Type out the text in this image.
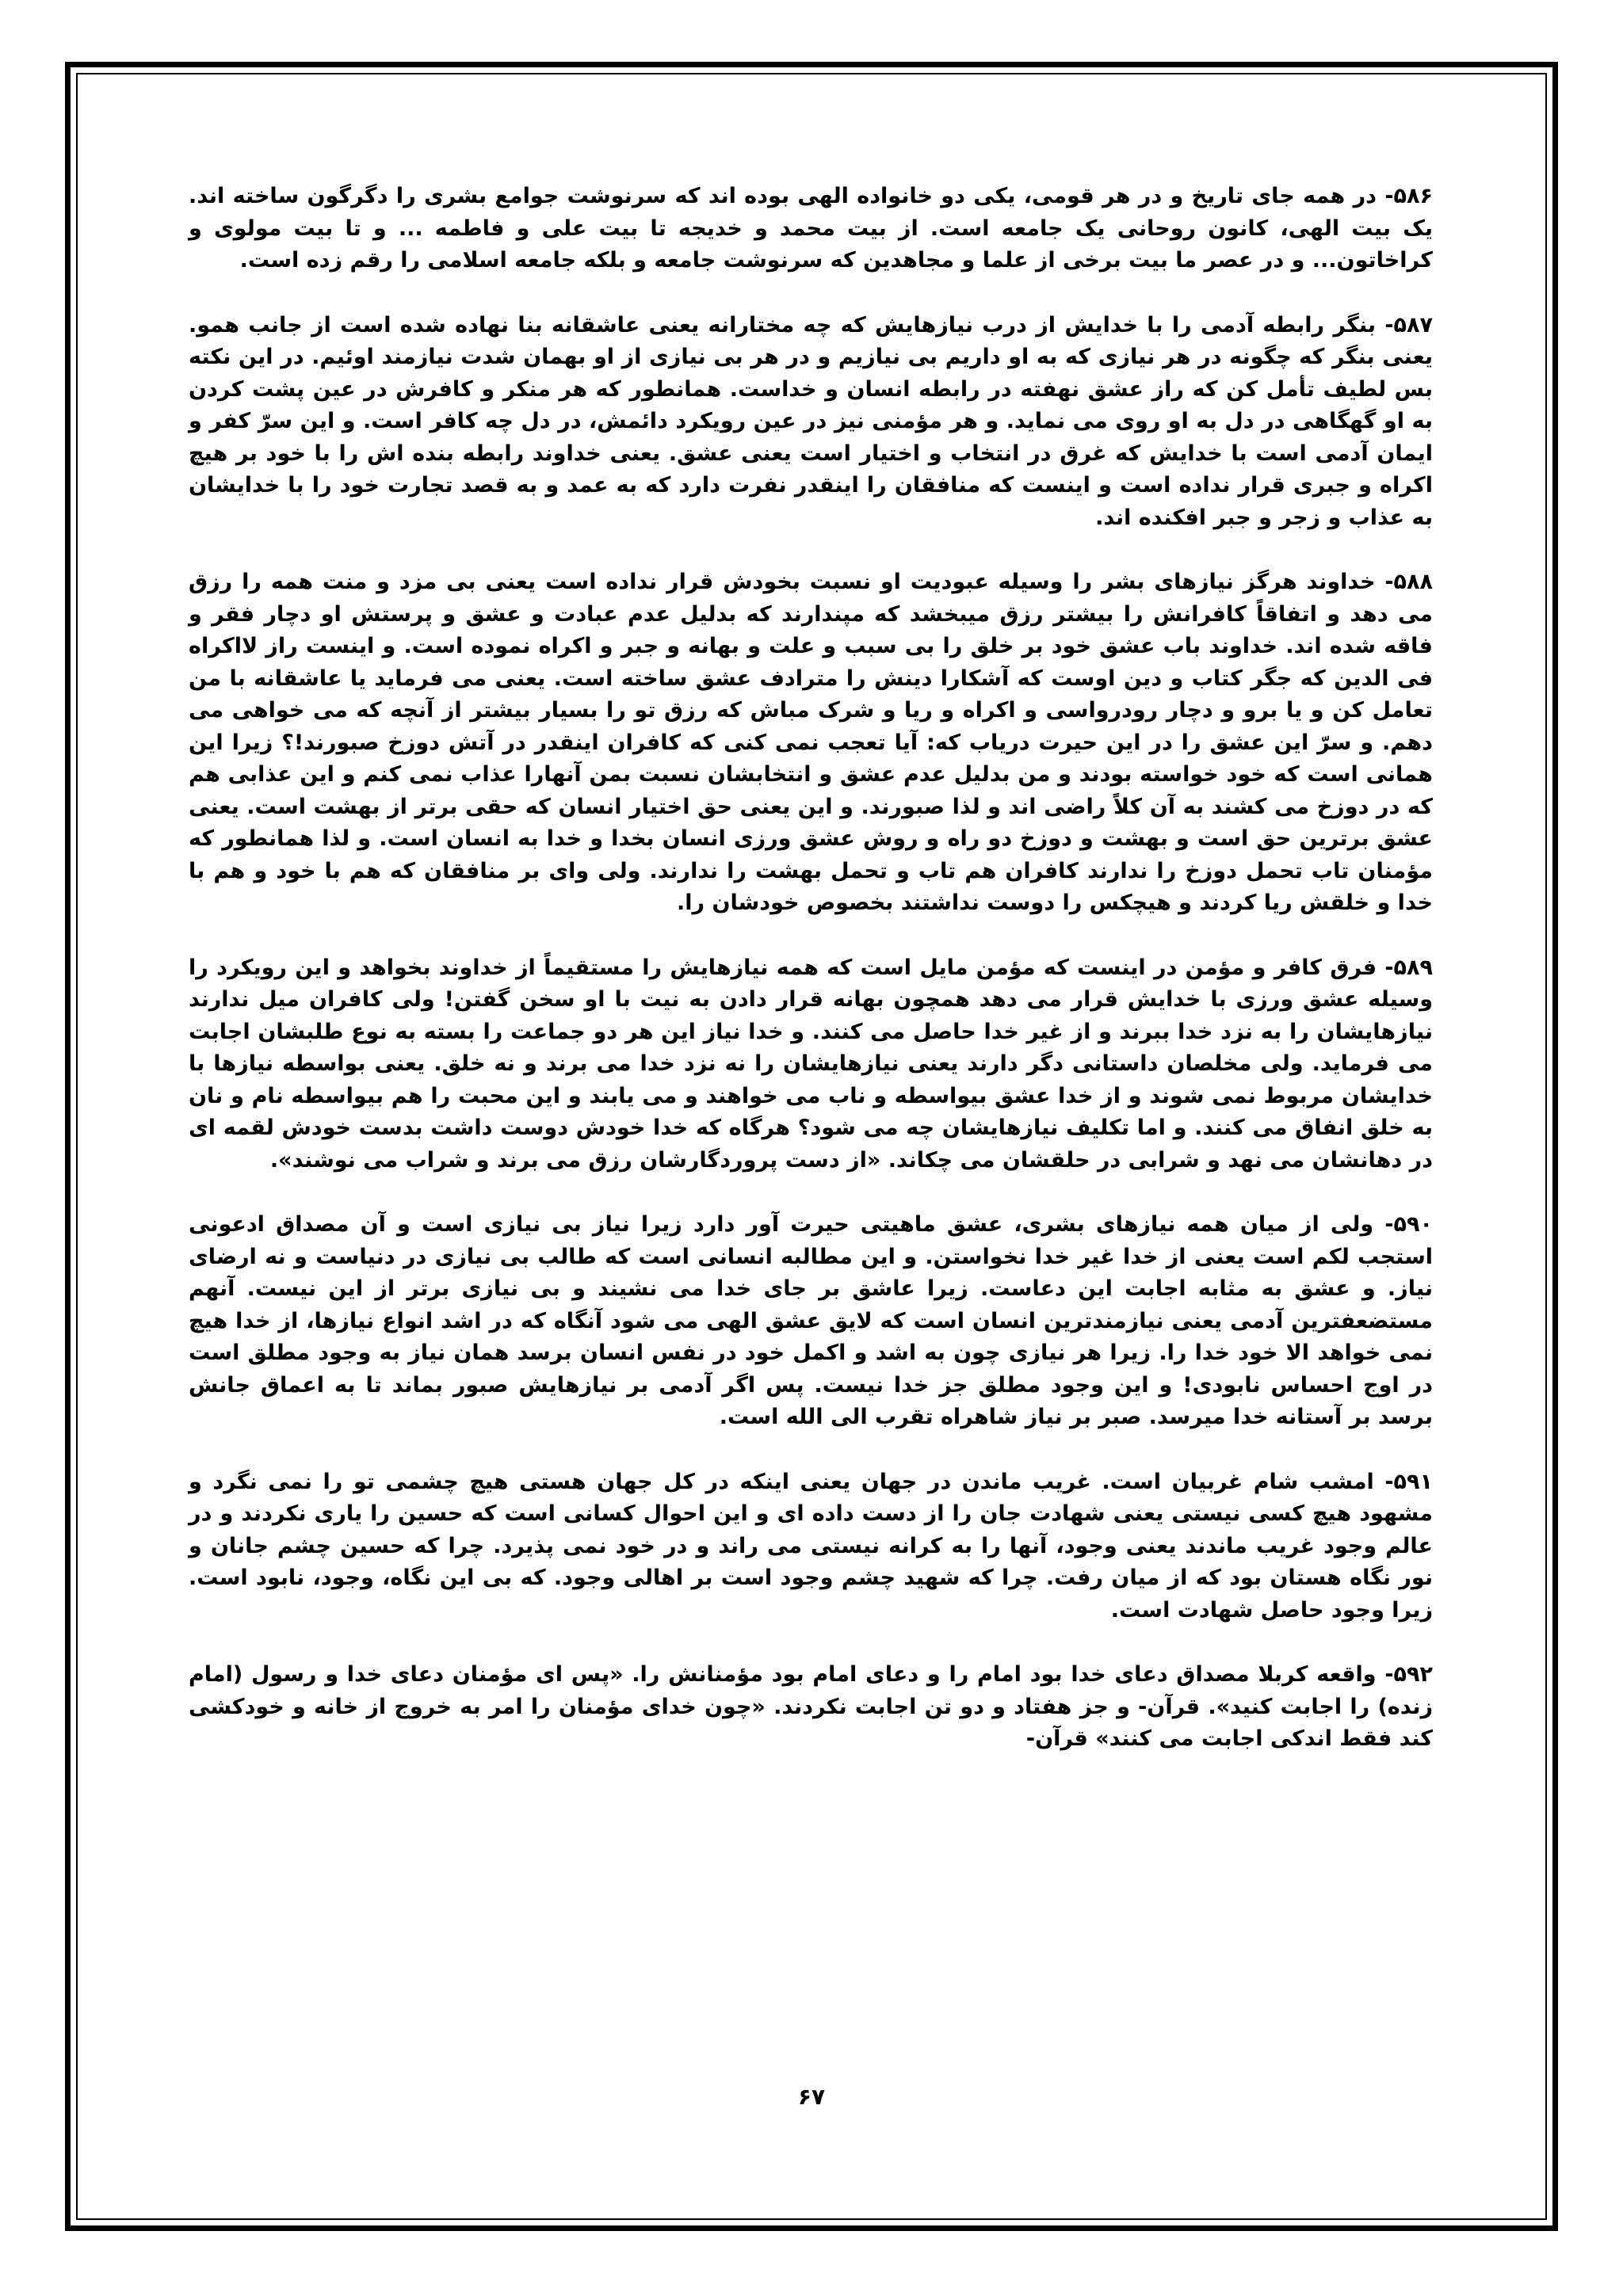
۵۸۶- در همه جای تاریخ و در هر قومی، یکی دو خانواده الهی بوده اند که سرنوشت جوامع بشری را دگرگون ساخته اند. یک بیت الهی، کانون روحانی یک جامعه است. از بیت محمد و خدیجه تا بیت علی و فاطمه ... و تا بیت مولوی و کراخاتون... و در عصر ما بیت برخی از علما و مجاهدین که سرنوشت جامعه و بلکه جامعه اسلامی را رقم زده است.

۵۸۷- بنگر رابطه آدمی را با خدایش از درب نیازهایش که چه مختارانه یعنی عاشقانه بنا نهاده شده است از جانب همو. یعنی بنگر که چگونه در هر نیازی که به او داریم بی نیازیم و در هر بی نیازی از او بهمان شدت نیازمند اوئیم. در این نکته بس لطیف تأمل کن که راز عشق نهفته در رابطه انسان و خداست. همانطور که هر منکر و کافرش در عین پشت کردن به او گهگاهی در دل به او روی می نماید. و هر مؤمنی نیز در عین رویکرد دائمش، در دل چه کافر است. و این سرّ کفر و ایمان آدمی است با خدایش که غرق در انتخاب و اختیار است یعنی عشق. یعنی خداوند رابطه بنده اش را با خود بر هیچ اکراه و جبری قرار نداده است و اینست که منافقان را اینقدر نفرت دارد که به عمد و به قصد تجارت خود را با خدایشان به عذاب و زجر و جبر افکنده اند.

۵۸۸- خداوند هرگز نیازهای بشر را وسیله عبودیت او نسبت بخودش قرار نداده است یعنی بی مزد و منت همه را رزق می دهد و اتفاقاً کافرانش را بیشتر رزق میبخشد که مپندارند که بدلیل عدم عبادت و عشق و پرستش او دچار فقر و فاقه شده اند. خداوند باب عشق خود بر خلق را بی سبب و علت و بهانه و جبر و اکراه نموده است. و اینست راز لااکراه فی الدین که جگر کتاب و دین اوست که آشکارا دینش را مترادف عشق ساخته است. یعنی می فرماید یا عاشقانه با من تعامل کن و یا برو و دچار رودرواسی و اکراه و ریا و شرک مباش که رزق تو را بسیار بیشتر از آنچه که می خواهی می دهم. و سرّ این عشق را در این حیرت دریاب که: آیا تعجب نمی کنی که کافران اینقدر در آتش دوزخ صبورند!؟ زیرا این همانی است که خود خواسته بودند و من بدلیل عدم عشق و انتخابشان نسبت بمن آنهارا عذاب نمی کنم و این عذابی هم که در دوزخ می کشند به آن کلاً راضی اند و لذا صبورند. و این یعنی حق اختیار انسان که حقی برتر از بهشت است. یعنی عشق برترین حق است و بهشت و دوزخ دو راه و روش عشق ورزی انسان بخدا و خدا به انسان است. و لذا همانطور که مؤمنان تاب تحمل دوزخ را ندارند کافران هم تاب و تحمل بهشت را ندارند. ولی وای بر منافقان که هم با خود و هم با خدا و خلقش ریا کردند و هیچکس را دوست نداشتند بخصوص خودشان را.

۵۸۹- فرق کافر و مؤمن در اینست که مؤمن مایل است که همه نیازهایش را مستقیماً از خداوند بخواهد و این رویکرد را وسیله عشق ورزی با خدایش قرار می دهد همچون بهانه قرار دادن به نیت با او سخن گفتن! ولی کافران میل ندارند نیازهایشان را به نزد خدا ببرند و از غیر خدا حاصل می کنند. و خدا نیاز این هر دو جماعت را بسته به نوع طلبشان اجابت می فرماید. ولی مخلصان داستانی دگر دارند یعنی نیازهایشان را نه نزد خدا می برند و نه خلق. یعنی بواسطه نیازها با خدایشان مربوط نمی شوند و از خدا عشق بیواسطه و ناب می خواهند و می یابند و این محبت را هم بیواسطه نام و نان به خلق انفاق می کنند. و اما تکلیف نیازهایشان چه می شود؟ هرگاه که خدا خودش دوست داشت بدست خودش لقمه ای در دهانشان می نهد و شرابی در حلقشان می چکاند. «از دست پروردگارشان رزق می برند و شراب می نوشند».

۵۹۰- ولی از میان همه نیازهای بشری، عشق ماهیتی حیرت آور دارد زیرا نیاز بی نیازی است و آن مصداق ادعونی استجب لکم است یعنی از خدا غیر خدا نخواستن. و این مطالبه انسانی است که طالب بی نیازی در دنیاست و نه ارضای نیاز. و عشق به مثابه اجابت این دعاست. زیرا عاشق بر جای خدا می نشیند و بی نیازی برتر از این نیست. آنهم مستضعفترین آدمی یعنی نیازمندترین انسان است که لایق عشق الهی می شود آنگاه که در اشد انواع نیازها، از خدا هیچ نمی خواهد الا خود خدا را. زیرا هر نیازی چون به اشد و اکمل خود در نفس انسان برسد همان نیاز به وجود مطلق است در اوج احساس نابودی! و این وجود مطلق جز خدا نیست. پس اگر آدمی بر نیازهایش صبور بماند تا به اعماق جانش برسد بر آستانه خدا میرسد. صبر بر نیاز شاهراه تقرب الی الله است.

۵۹۱- امشب شام غربیان است. غریب ماندن در جهان یعنی اینکه در کل جهان هستی هیچ چشمی تو را نمی نگرد و مشهود هیچ کسی نیستی یعنی شهادت جان را از دست داده ای و این احوال کسانی است که حسین را یاری نکردند و در عالم وجود غریب ماندند یعنی وجود، آنها را به کرانه نیستی می راند و در خود نمی پذیرد. چرا که حسین چشم جانان و نور نگاه هستان بود که از میان رفت. چرا که شهید چشم وجود است بر اهالی وجود. که بی این نگاه، وجود، نابود است. زیرا وجود حاصل شهادت است.

۵۹۲- واقعه کربلا مصداق دعای خدا بود امام را و دعای امام بود مؤمنانش را. «پس ای مؤمنان دعای خدا و رسول (امام زنده) را اجابت کنید». قرآن- و جز هفتاد و دو تن اجابت نکردند. «چون خدای مؤمنان را امر به خروج از خانه و خودکشی کند فقط اندکی اجابت می کنند» قرآن-

۶۷
